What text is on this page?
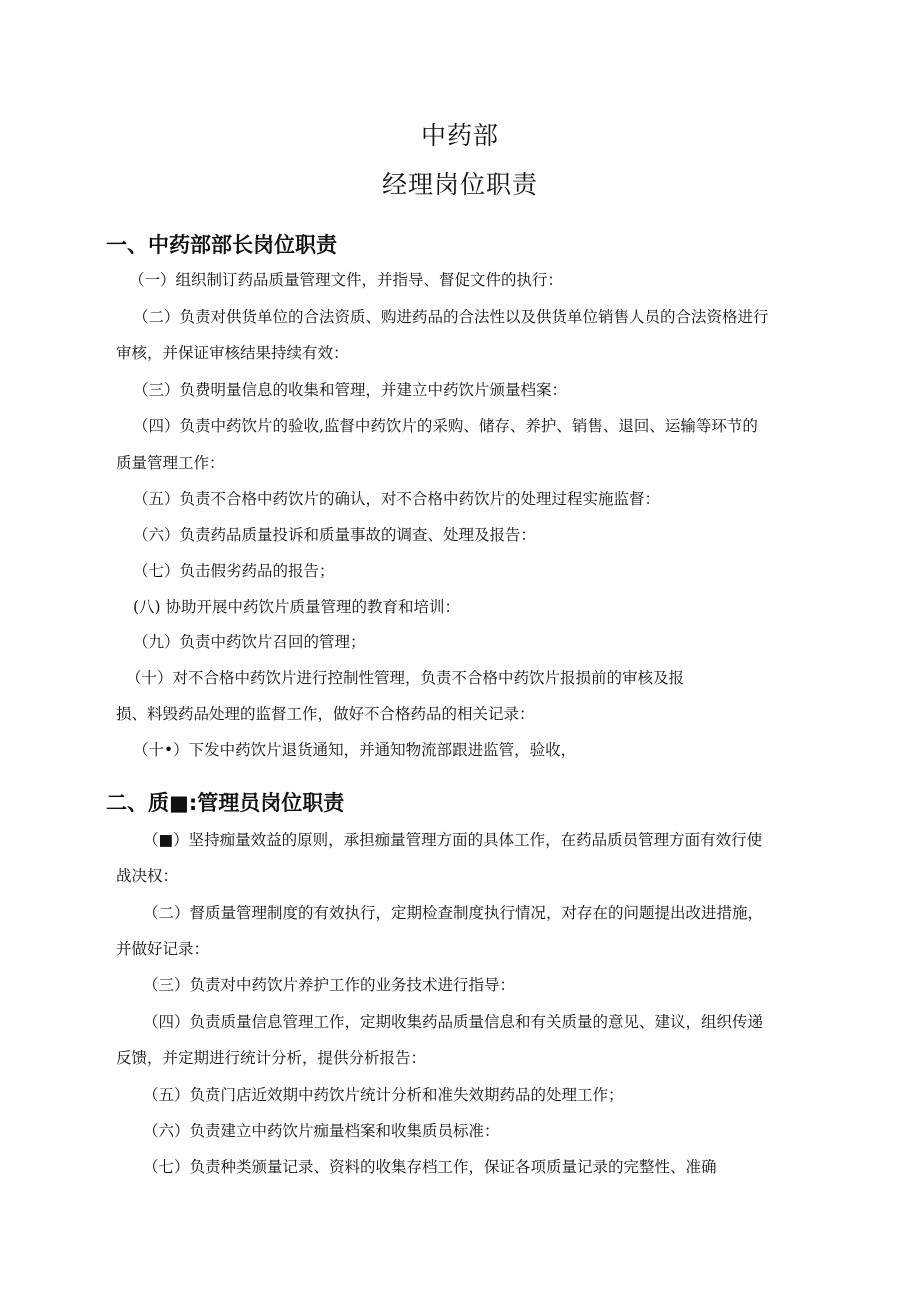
中药部
经理岗位职责
一、中药部部长岗位职责
（一）组织制订药品质量管理文件，并指导、督促文件的执行：
（二）负责对供货单位的合法资质、购进药品的合法性以及供货单位销售人员的合法资格进行
审核，并保证审核结果持续有效：
（三）负费明量信息的收集和管理，并建立中药饮片颁量档案：
（四）负责中药饮片的验收,监督中药饮片的采购、储存、养护、销售、退回、运输等环节的
质量管理工作：
（五）负责不合格中药饮片的确认，对不合格中药饮片的处理过程实施监督：
（六）负责药品质量投诉和质量事故的调查、处理及报告：
（七）负击假劣药品的报告；
(八) 协助开展中药饮片质量管理的教育和培训：
（九）负责中药饮片召回的管理；
（十）对不合格中药饮片进行控制性管理，负责不合格中药饮片报损前的审核及报
损、料毁药品处理的监督工作，做好不合格药品的相关记录：
（十•）下发中药饮片退货通知，并通知物流部跟进监管，验收，
二、质■:管理员岗位职责
（■）坚持痂量效益的原则，承担痂量管理方面的具体工作，在药品质员管理方面有效行使
战决权：
（二）督质量管理制度的有效执行，定期检查制度执行情况，对存在的问题提出改进措施，
并做好记录：
（三）负责对中药饮片养护工作的业务技术进行指导：
（四）负责质量信息管理工作，定期收集药品质量信息和有关质量的意见、建议，组织传递
反馈，并定期进行统计分析，提供分析报告：
（五）负贲门店近效期中药饮片统计分析和准失效期药品的处理工作；
（六）负责建立中药饮片痂量档案和收集质员标准：
（七）负责种类颁量记录、资料的收集存档工作，保证各项质量记录的完整性、准确
